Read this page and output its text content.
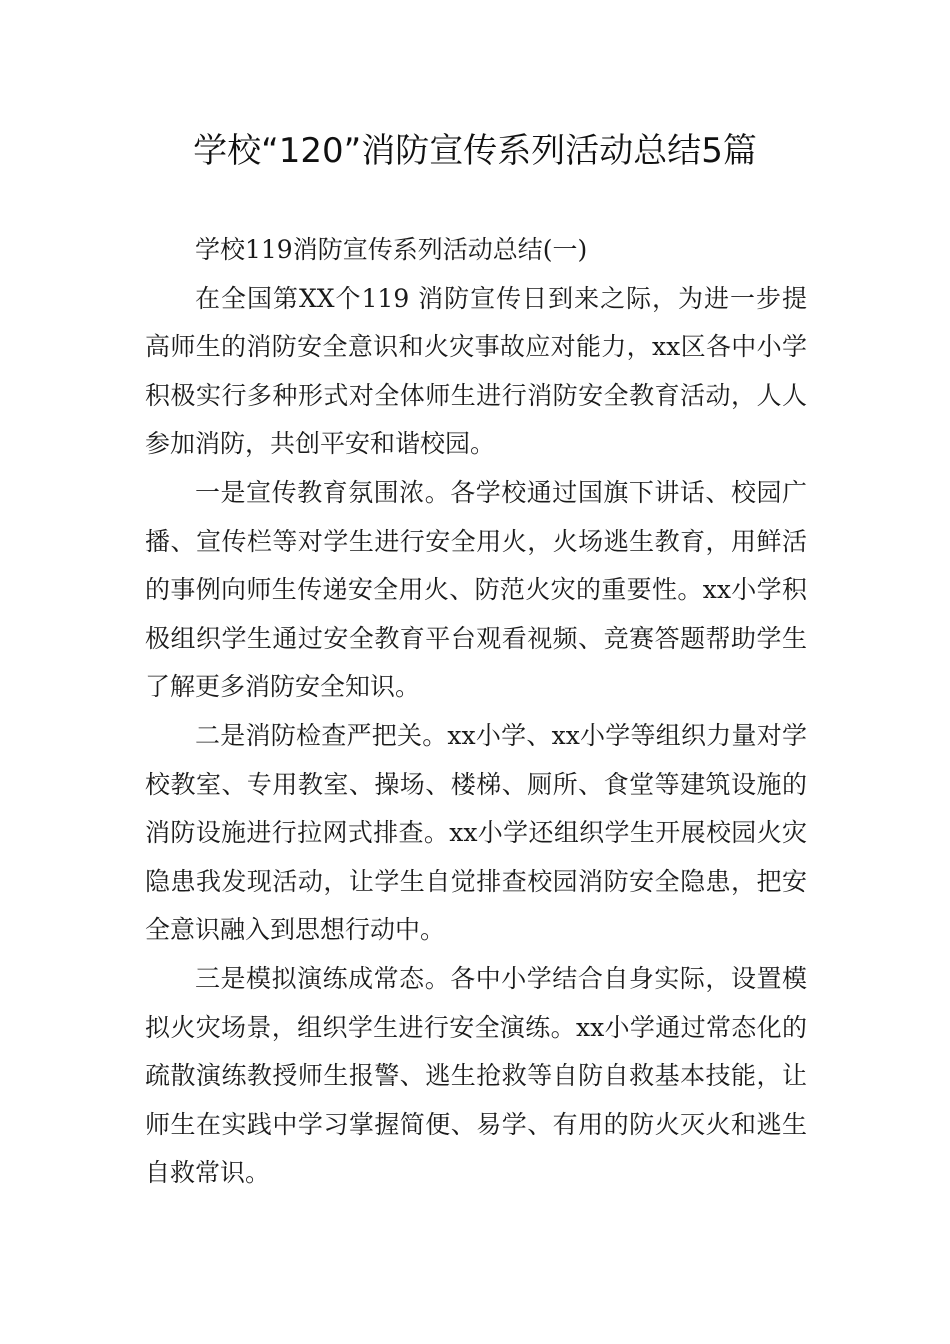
学校“120”消防宣传系列活动总结5篇

学校119消防宣传系列活动总结(一)

在全国第XX个119 消防宣传日到来之际，为进一步提高师生的消防安全意识和火灾事故应对能力，xx区各中小学积极实行多种形式对全体师生进行消防安全教育活动，人人参加消防，共创平安和谐校园。

一是宣传教育氛围浓。各学校通过国旗下讲话、校园广播、宣传栏等对学生进行安全用火，火场逃生教育，用鲜活的事例向师生传递安全用火、防范火灾的重要性。xx小学积极组织学生通过安全教育平台观看视频、竞赛答题帮助学生了解更多消防安全知识。

二是消防检查严把关。xx小学、xx小学等组织力量对学校教室、专用教室、操场、楼梯、厕所、食堂等建筑设施的消防设施进行拉网式排查。xx小学还组织学生开展校园火灾隐患我发现活动，让学生自觉排查校园消防安全隐患，把安全意识融入到思想行动中。

三是模拟演练成常态。各中小学结合自身实际，设置模拟火灾场景，组织学生进行安全演练。xx小学通过常态化的疏散演练教授师生报警、逃生抢救等自防自救基本技能，让师生在实践中学习掌握简便、易学、有用的防火灭火和逃生自救常识。
